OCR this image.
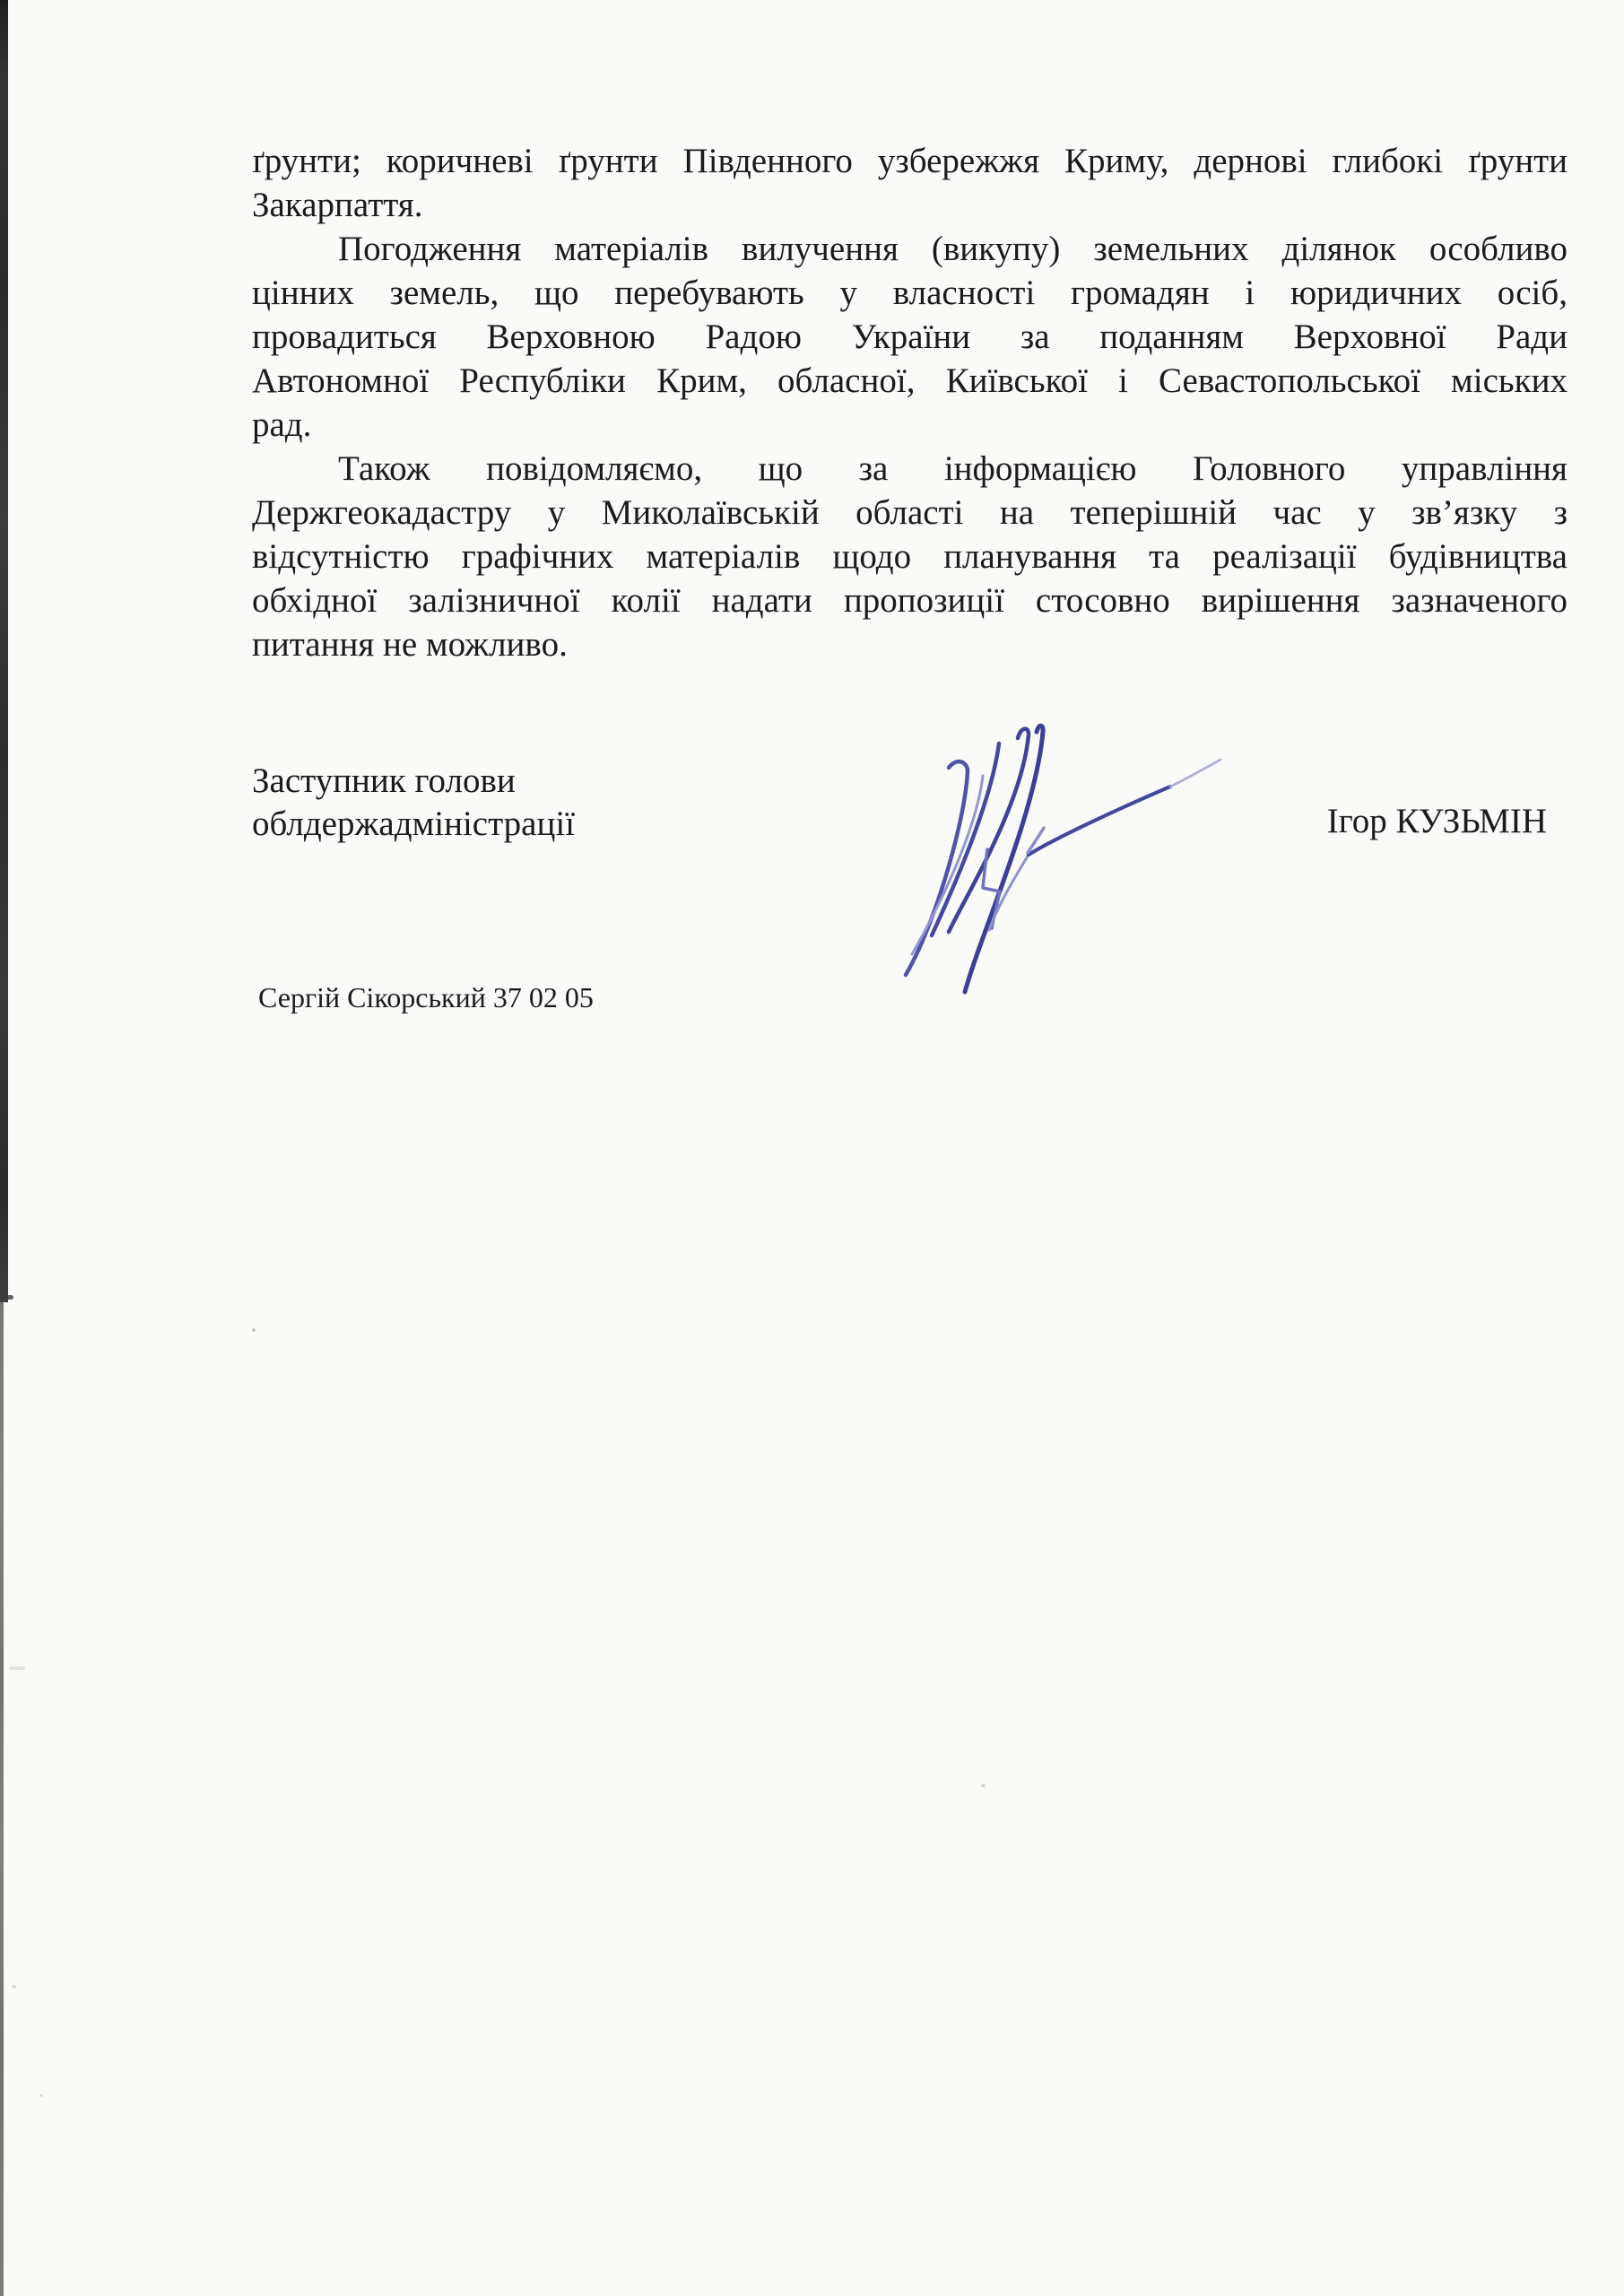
ґрунти; коричневі ґрунти Південного узбережжя Криму, дернові глибокі ґрунти

Закарпаття.

Погодження матеріалів вилучення (викупу) земельних ділянок особливо

цінних земель, що перебувають у власності громадян і юридичних осіб,

провадиться Верховною Радою України за поданням Верховної Ради

Автономної Республіки Крим, обласної, Київської і Севастопольської міських

рад.

Також повідомляємо, що за інформацією Головного управління

Держгеокадастру у Миколаївській області на теперішній час у зв’язку з

відсутністю графічних матеріалів щодо планування та реалізації будівництва

обхідної залізничної колії надати пропозиції стосовно вирішення зазначеного

питання не можливо.

Заступник голови

облдержадміністрації	Ігор КУЗЬМІН
Сергій Сікорський 37 02 05
